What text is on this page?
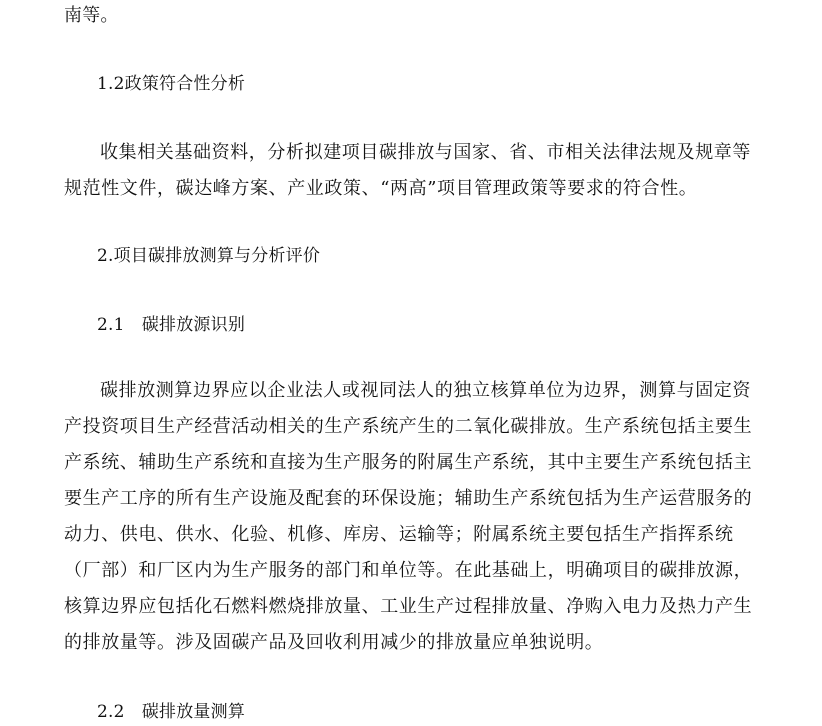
南等。
1.2政策符合性分析

收集相关基础资料，分析拟建项目碳排放与国家、省、市相关法律法规及规章等规范性文件，碳达峰方案、产业政策、“两高”项目管理政策等要求的符合性。

2.项目碳排放测算与分析评价
2.1　碳排放源识别

碳排放测算边界应以企业法人或视同法人的独立核算单位为边界，测算与固定资产投资项目生产经营活动相关的生产系统产生的二氧化碳排放。生产系统包括主要生产系统、辅助生产系统和直接为生产服务的附属生产系统，其中主要生产系统包括主要生产工序的所有生产设施及配套的环保设施；辅助生产系统包括为生产运营服务的动力、供电、供水、化验、机修、库房、运输等；附属系统主要包括生产指挥系统（厂部）和厂区内为生产服务的部门和单位等。在此基础上，明确项目的碳排放源，核算边界应包括化石燃料燃烧排放量、工业生产过程排放量、净购入电力及热力产生的排放量等。涉及固碳产品及回收利用减少的排放量应单独说明。

2.2　碳排放量测算
